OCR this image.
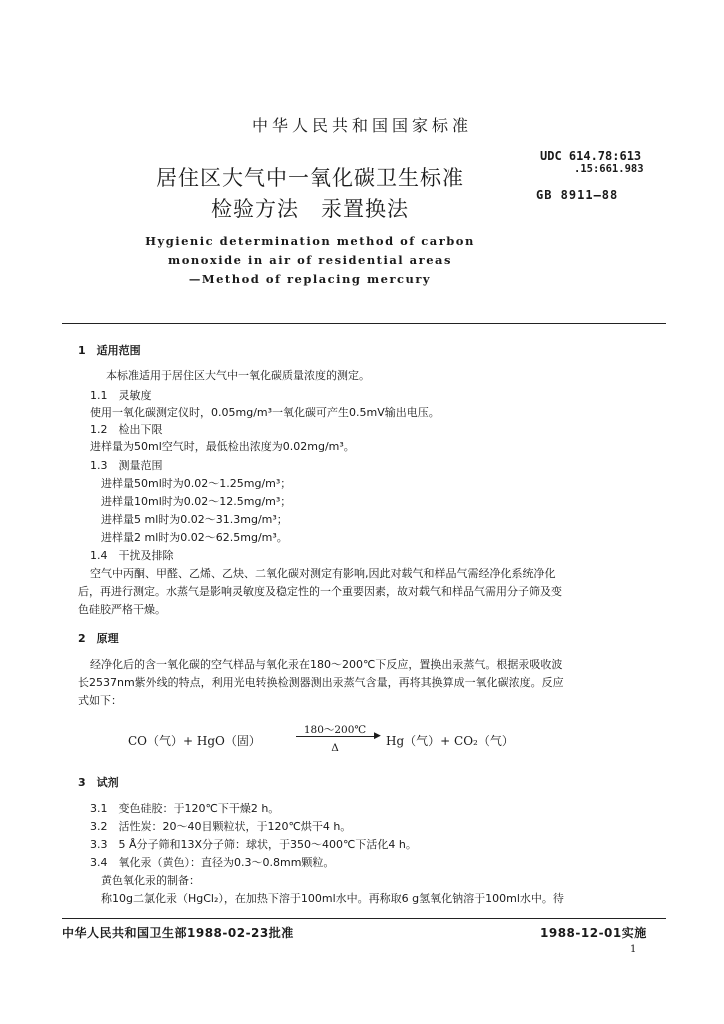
中华人民共和国国家标准
居住区大气中一氧化碳卫生标准
检验方法　汞置换法
Hygienic determination method of carbon
monoxide in air of residential areas
—Method of replacing mercury
UDC 614.78:613
.15:661.983
GB 8911—88
1　适用范围
本标准适用于居住区大气中一氧化碳质量浓度的测定。
1.1　灵敏度
使用一氧化碳测定仪时，0.05mg/m³一氧化碳可产生0.5mV输出电压。
1.2　检出下限
进样量为50ml空气时，最低检出浓度为0.02mg/m³。
1.3　测量范围
进样量50ml时为0.02～1.25mg/m³；
进样量10ml时为0.02～12.5mg/m³；
进样量5 ml时为0.02～31.3mg/m³；
进样量2 ml时为0.02～62.5mg/m³。
1.4　干扰及排除
空气中丙酮、甲醛、乙烯、乙炔、二氧化碳对测定有影响,因此对载气和样品气需经净化系统净化
后，再进行测定。水蒸气是影响灵敏度及稳定性的一个重要因素，故对载气和样品气需用分子筛及变
色硅胶严格干燥。
2　原理
经净化后的含一氧化碳的空气样品与氧化汞在180～200℃下反应，置换出汞蒸气。根据汞吸收波
长2537nm紫外线的特点，利用光电转换检测器测出汞蒸气含量，再将其换算成一氧化碳浓度。反应
式如下：
CO（气）+ HgO（固）
180～200℃ ▶
Δ	Hg（气）+ CO₂（气）
3　试剂
3.1　变色硅胶：于120℃下干燥2 h。
3.2　活性炭：20～40目颗粒状，于120℃烘干4 h。
3.3　5 Å分子筛和13X分子筛：球状，于350～400℃下活化4 h。
3.4　氧化汞（黄色）：直径为0.3～0.8mm颗粒。
黄色氧化汞的制备：
称10g二氯化汞（HgCl₂），在加热下溶于100ml水中。再称取6 g氢氧化钠溶于100ml水中。待
中华人民共和国卫生部1988-02-23批准	1988-12-01实施
1
